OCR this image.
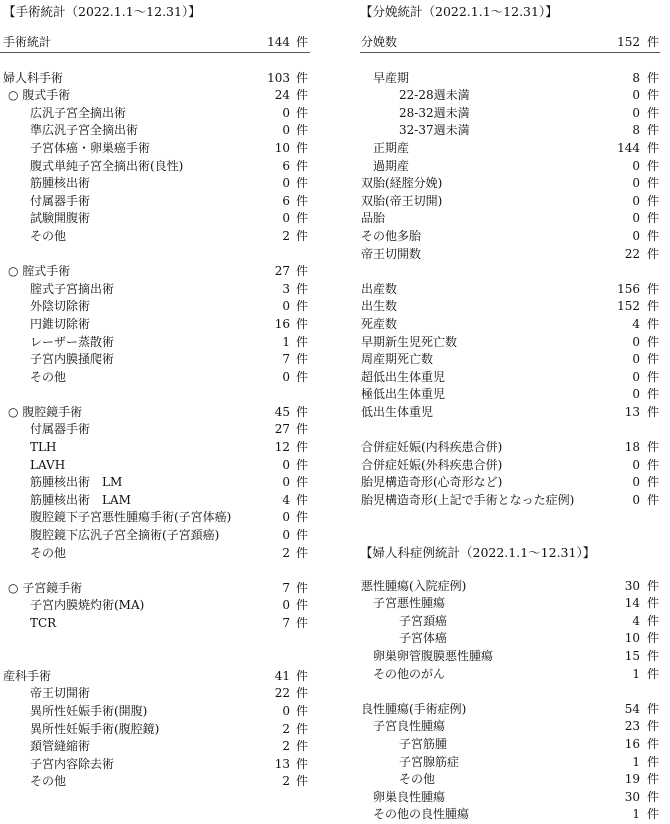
【手術統計（2022.1.1～12.31）】
手術統計	144 件
婦人科手術	103 件
○ 腹式手術	24 件
広汎子宮全摘出術	0 件
準広汎子宮全摘出術	0 件
子宮体癌・卵巣癌手術	10 件
腹式単純子宮全摘出術(良性)	6 件
筋腫核出術	0 件
付属器手術	6 件
試験開腹術	0 件
その他	2 件
○ 腟式手術	27 件
腟式子宮摘出術	3 件
外陰切除術	0 件
円錐切除術	16 件
レーザー蒸散術	1 件
子宮内膜掻爬術	7 件
その他	0 件
○ 腹腔鏡手術	45 件
付属器手術	27 件
TLH	12 件
LAVH	0 件
筋腫核出術　LM	0 件
筋腫核出術　LAM	4 件
腹腔鏡下子宮悪性腫瘍手術(子宮体癌)	0 件
腹腔鏡下広汎子宮全摘術(子宮頚癌)	0 件
その他	2 件
○ 子宮鏡手術	7 件
子宮内膜焼灼術(MA)	0 件
TCR	7 件
産科手術	41 件
帝王切開術	22 件
異所性妊娠手術(開腹)	0 件
異所性妊娠手術(腹腔鏡)	2 件
頚管縫縮術	2 件
子宮内容除去術	13 件
その他	2 件
【分娩統計（2022.1.1～12.31）】
分娩数	152 件
早産期	8 件
22-28週未満	0 件
28-32週未満	0 件
32-37週未満	8 件
正期産	144 件
過期産	0 件
双胎(経腟分娩)	0 件
双胎(帝王切開)	0 件
品胎	0 件
その他多胎	0 件
帝王切開数	22 件
出産数	156 件
出生数	152 件
死産数	4 件
早期新生児死亡数	0 件
周産期死亡数	0 件
超低出生体重児	0 件
極低出生体重児	0 件
低出生体重児	13 件
合併症妊娠(内科疾患合併)	18 件
合併症妊娠(外科疾患合併)	0 件
胎児構造奇形(心奇形など)	0 件
胎児構造奇形(上記で手術となった症例)	0 件
【婦人科症例統計（2022.1.1～12.31）】
悪性腫瘍(入院症例)	30 件
子宮悪性腫瘍	14 件
子宮頚癌	4 件
子宮体癌	10 件
卵巣卵管腹膜悪性腫瘍	15 件
その他のがん	1 件
良性腫瘍(手術症例)	54 件
子宮良性腫瘍	23 件
子宮筋腫	16 件
子宮腺筋症	1 件
その他	19 件
卵巣良性腫瘍	30 件
その他の良性腫瘍	1 件
